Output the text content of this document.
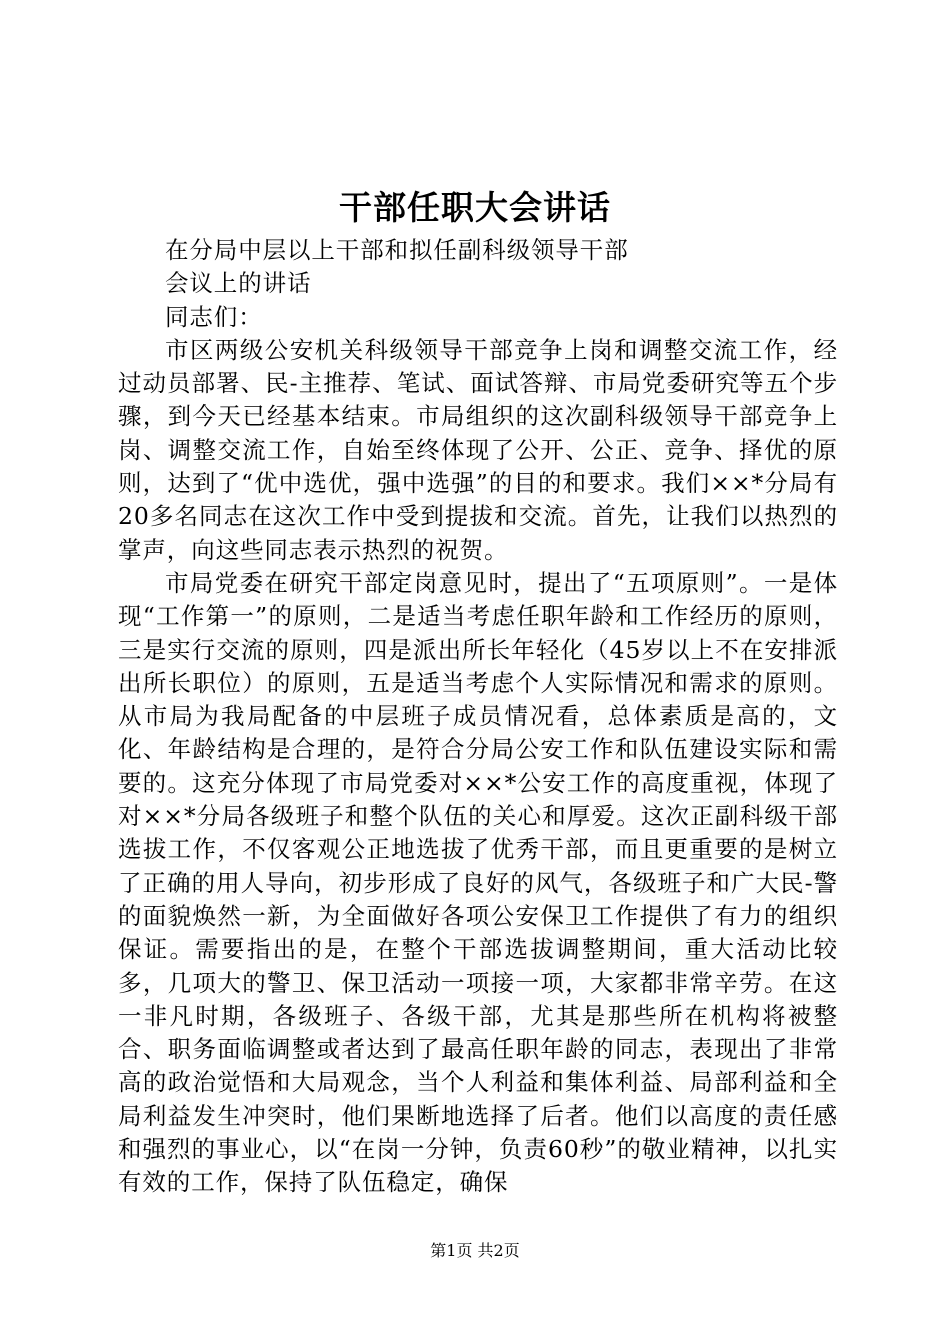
干部任职大会讲话

在分局中层以上干部和拟任副科级领导干部

会议上的讲话

同志们：

市区两级公安机关科级领导干部竞争上岗和调整交流工作，经过动员部署、民-主推荐、笔试、面试答辩、市局党委研究等五个步骤，到今天已经基本结束。市局组织的这次副科级领导干部竞争上岗、调整交流工作，自始至终体现了公开、公正、竞争、择优的原则，达到了“优中选优，强中选强”的目的和要求。我们××*分局有20多名同志在这次工作中受到提拔和交流。首先，让我们以热烈的掌声，向这些同志表示热烈的祝贺。

市局党委在研究干部定岗意见时，提出了“五项原则”。一是体现“工作第一”的原则，二是适当考虑任职年龄和工作经历的原则，三是实行交流的原则，四是派出所长年轻化（45岁以上不在安排派出所长职位）的原则，五是适当考虑个人实际情况和需求的原则。从市局为我局配备的中层班子成员情况看，总体素质是高的，文化、年龄结构是合理的，是符合分局公安工作和队伍建设实际和需要的。这充分体现了市局党委对××*公安工作的高度重视，体现了对××*分局各级班子和整个队伍的关心和厚爱。这次正副科级干部选拔工作，不仅客观公正地选拔了优秀干部，而且更重要的是树立了正确的用人导向，初步形成了良好的风气，各级班子和广大民-警的面貌焕然一新，为全面做好各项公安保卫工作提供了有力的组织保证。需要指出的是，在整个干部选拔调整期间，重大活动比较多，几项大的警卫、保卫活动一项接一项，大家都非常辛劳。在这一非凡时期，各级班子、各级干部，尤其是那些所在机构将被整合、职务面临调整或者达到了最高任职年龄的同志，表现出了非常高的政治觉悟和大局观念，当个人利益和集体利益、局部利益和全局利益发生冲突时，他们果断地选择了后者。他们以高度的责任感和强烈的事业心，以“在岗一分钟，负责60秒”的敬业精神，以扎实有效的工作，保持了队伍稳定，确保

第1页 共2页
